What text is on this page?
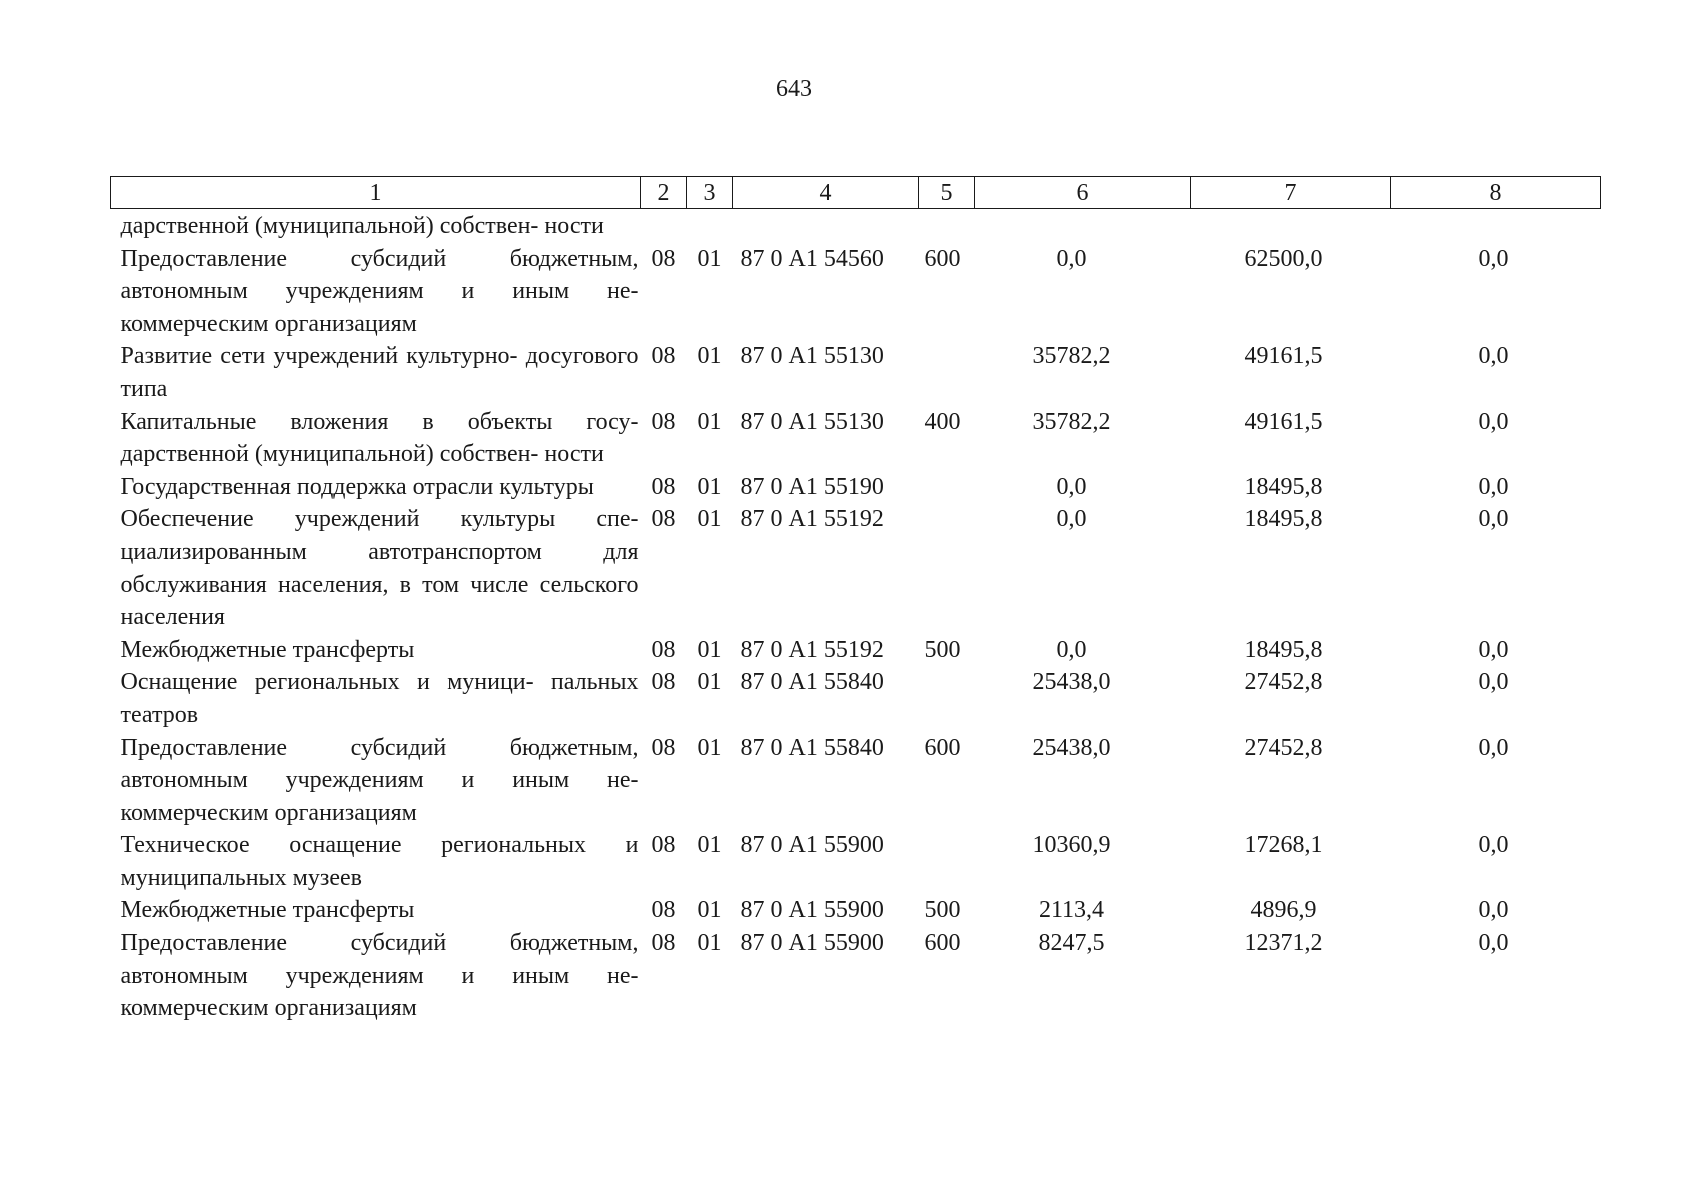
643
1	2	3	4	5	6	7	8
дарственной (муниципальной) собствен- ности							
Предоставление субсидий бюджетным, автономным учреждениям и иным не- коммерческим организациям	08	01	87 0 А1 54560	600	0,0	62500,0	0,0
Развитие сети учреждений культурно- досугового типа	08	01	87 0 А1 55130		35782,2	49161,5	0,0
Капитальные вложения в объекты госу- дарственной (муниципальной) собствен- ности	08	01	87 0 А1 55130	400	35782,2	49161,5	0,0
Государственная поддержка отрасли культуры	08	01	87 0 А1 55190		0,0	18495,8	0,0
Обеспечение учреждений культуры спе- циализированным автотранспортом для обслуживания населения, в том числе сельского населения	08	01	87 0 А1 55192		0,0	18495,8	0,0
Межбюджетные трансферты	08	01	87 0 А1 55192	500	0,0	18495,8	0,0
Оснащение региональных и муници- пальных театров	08	01	87 0 А1 55840		25438,0	27452,8	0,0
Предоставление субсидий бюджетным, автономным учреждениям и иным не- коммерческим организациям	08	01	87 0 А1 55840	600	25438,0	27452,8	0,0
Техническое оснащение региональных и муниципальных музеев	08	01	87 0 А1 55900		10360,9	17268,1	0,0
Межбюджетные трансферты	08	01	87 0 А1 55900	500	2113,4	4896,9	0,0
Предоставление субсидий бюджетным, автономным учреждениям и иным не- коммерческим организациям	08	01	87 0 А1 55900	600	8247,5	12371,2	0,0
